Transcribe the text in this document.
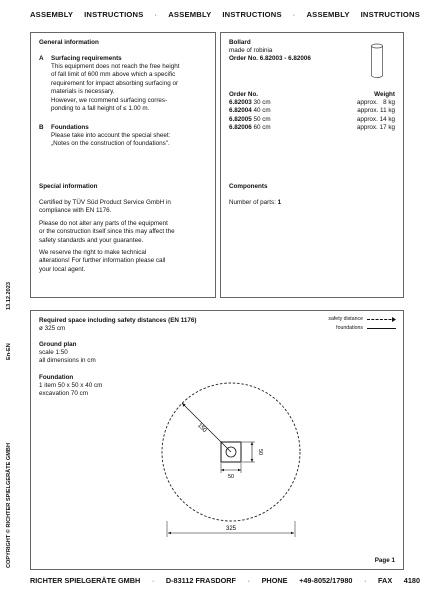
ASSEMBLY INSTRUCTIONS · ASSEMBLY INSTRUCTIONS · ASSEMBLY INSTRUCTIONS
13.12.2023
En-EN
COPYRIGHT © RICHTER SPIELGERÄTE GMBH
General information
A Surfacing requirements
This equipment does not reach the free height
of fall limit of 600 mm above which a specific
requirement for impact absorbing surfacing or
materials is necessary.
However, we rcommend surfacing corres-
ponding to a fall height of ≤ 1.00 m.
B Foundations
Please take into account the special sheet:
„Notes on the construction of foundations".
Special information
Certified by TÜV Süd Product Service GmbH in
compliance with EN 1176.
Please do not alter any parts of the equipment
or the construction itself since this may affect the
safety standards and your guarantee.
We reserve the right to make technical
alterations! For further information please call
your local agent.
Bollard
made of robinia
Order No. 6.82003 - 6.82006
Order No.	Weight
6.82003 30 cm	approx.   8 kg
6.82004 40 cm	approx. 11 kg
6.82005 50 cm	approx. 14 kg
6.82006 60 cm	approx. 17 kg
Components
Number of parts: 1
Required space including safety distances (EN 1176)
ø 325 cm
safety distance
foundations
Ground plan
scale 1:50
all dimensions in cm
Foundation
1 item 50 x 50 x 40 cm
excavation 70 cm
150
50
50
325
Page 1
RICHTER SPIELGERÄTE GMBH · D-83112 FRASDORF · PHONE +49-8052/17980 · FAX 4180
